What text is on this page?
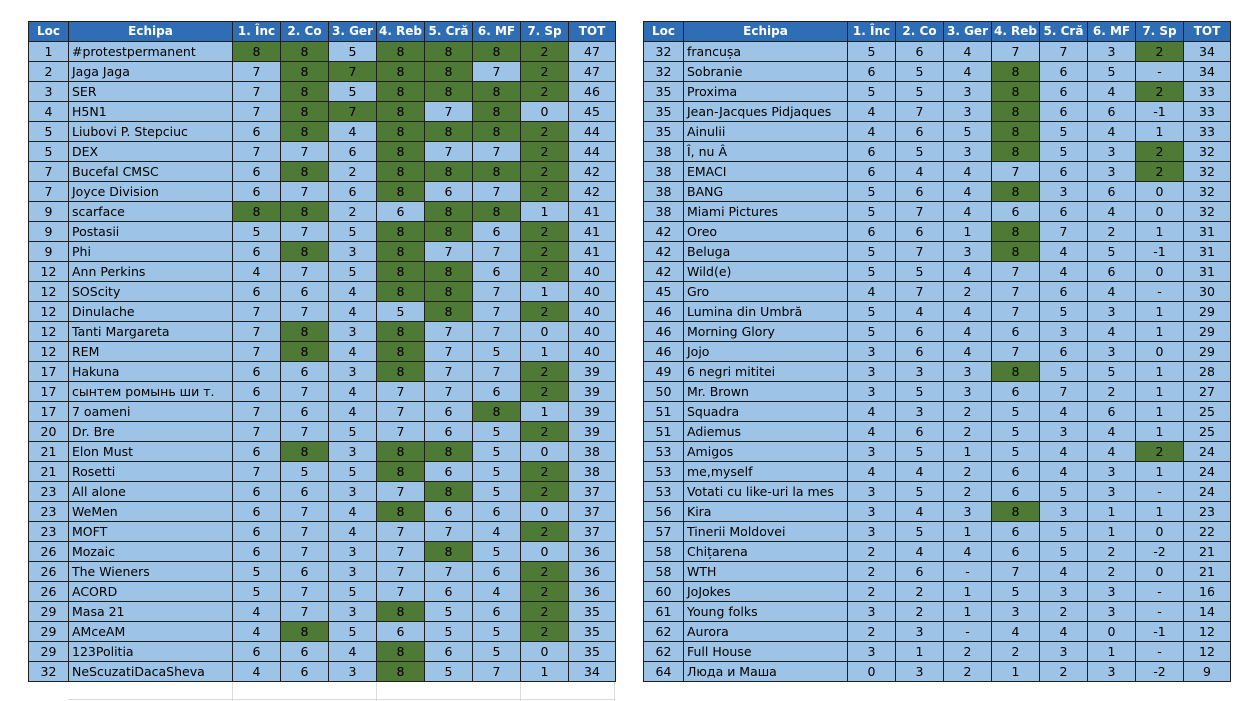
Loc	Echipa	1. Înc	2. Co	3. Ger	4. Reb	5. Cră	6. MF	7. Sp	TOT
1	#protestpermanent	8	8	5	8	8	8	2	47
2	Jaga Jaga	7	8	7	8	8	7	2	47
3	SER	7	8	5	8	8	8	2	46
4	H5N1	7	8	7	8	7	8	0	45
5	Liubovi P. Stepciuc	6	8	4	8	8	8	2	44
5	DEX	7	7	6	8	7	7	2	44
7	Bucefal CMSC	6	8	2	8	8	8	2	42
7	Joyce Division	6	7	6	8	6	7	2	42
9	scarface	8	8	2	6	8	8	1	41
9	Postasii	5	7	5	8	8	6	2	41
9	Phi	6	8	3	8	7	7	2	41
12	Ann Perkins	4	7	5	8	8	6	2	40
12	SOScity	6	6	4	8	8	7	1	40
12	Dinulache	7	7	4	5	8	7	2	40
12	Tanti Margareta	7	8	3	8	7	7	0	40
12	REM	7	8	4	8	7	5	1	40
17	Hakuna	6	6	3	8	7	7	2	39
17	сынтем ромынь ши т.	6	7	4	7	7	6	2	39
17	7 oameni	7	6	4	7	6	8	1	39
20	Dr. Bre	7	7	5	7	6	5	2	39
21	Elon Must	6	8	3	8	8	5	0	38
21	Rosetti	7	5	5	8	6	5	2	38
23	All alone	6	6	3	7	8	5	2	37
23	WeMen	6	7	4	8	6	6	0	37
23	MOFT	6	7	4	7	7	4	2	37
26	Mozaic	6	7	3	7	8	5	0	36
26	The Wieners	5	6	3	7	7	6	2	36
26	ACORD	5	7	5	7	6	4	2	36
29	Masa 21	4	7	3	8	5	6	2	35
29	AMceAM	4	8	5	6	5	5	2	35
29	123Politia	6	6	4	8	6	5	0	35
32	NeScuzatiDacaSheva	4	6	3	8	5	7	1	34
Loc	Echipa	1. Înc	2. Co	3. Ger	4. Reb	5. Cră	6. MF	7. Sp	TOT
32	francușa	5	6	4	7	7	3	2	34
32	Sobranie	6	5	4	8	6	5	-	34
35	Proxima	5	5	3	8	6	4	2	33
35	Jean-Jacques Pidjaques	4	7	3	8	6	6	-1	33
35	Ainulii	4	6	5	8	5	4	1	33
38	Î, nu Â	6	5	3	8	5	3	2	32
38	EMACI	6	4	4	7	6	3	2	32
38	BANG	5	6	4	8	3	6	0	32
38	Miami Pictures	5	7	4	6	6	4	0	32
42	Oreo	6	6	1	8	7	2	1	31
42	Beluga	5	7	3	8	4	5	-1	31
42	Wild(e)	5	5	4	7	4	6	0	31
45	Gro	4	7	2	7	6	4	-	30
46	Lumina din Umbră	5	4	4	7	5	3	1	29
46	Morning Glory	5	6	4	6	3	4	1	29
46	Jojo	3	6	4	7	6	3	0	29
49	6 negri mititei	3	3	3	8	5	5	1	28
50	Mr. Brown	3	5	3	6	7	2	1	27
51	Squadra	4	3	2	5	4	6	1	25
51	Adiemus	4	6	2	5	3	4	1	25
53	Amigos	3	5	1	5	4	4	2	24
53	me,myself	4	4	2	6	4	3	1	24
53	Votati cu like-uri la mes	3	5	2	6	5	3	-	24
56	Kira	3	4	3	8	3	1	1	23
57	Tinerii Moldovei	3	5	1	6	5	1	0	22
58	Chițarena	2	4	4	6	5	2	-2	21
58	WTH	2	6	-	7	4	2	0	21
60	JoJokes	2	2	1	5	3	3	-	16
61	Young folks	3	2	1	3	2	3	-	14
62	Aurora	2	3	-	4	4	0	-1	12
62	Full House	3	1	2	2	3	1	-	12
64	Люда и Маша	0	3	2	1	2	3	-2	9
